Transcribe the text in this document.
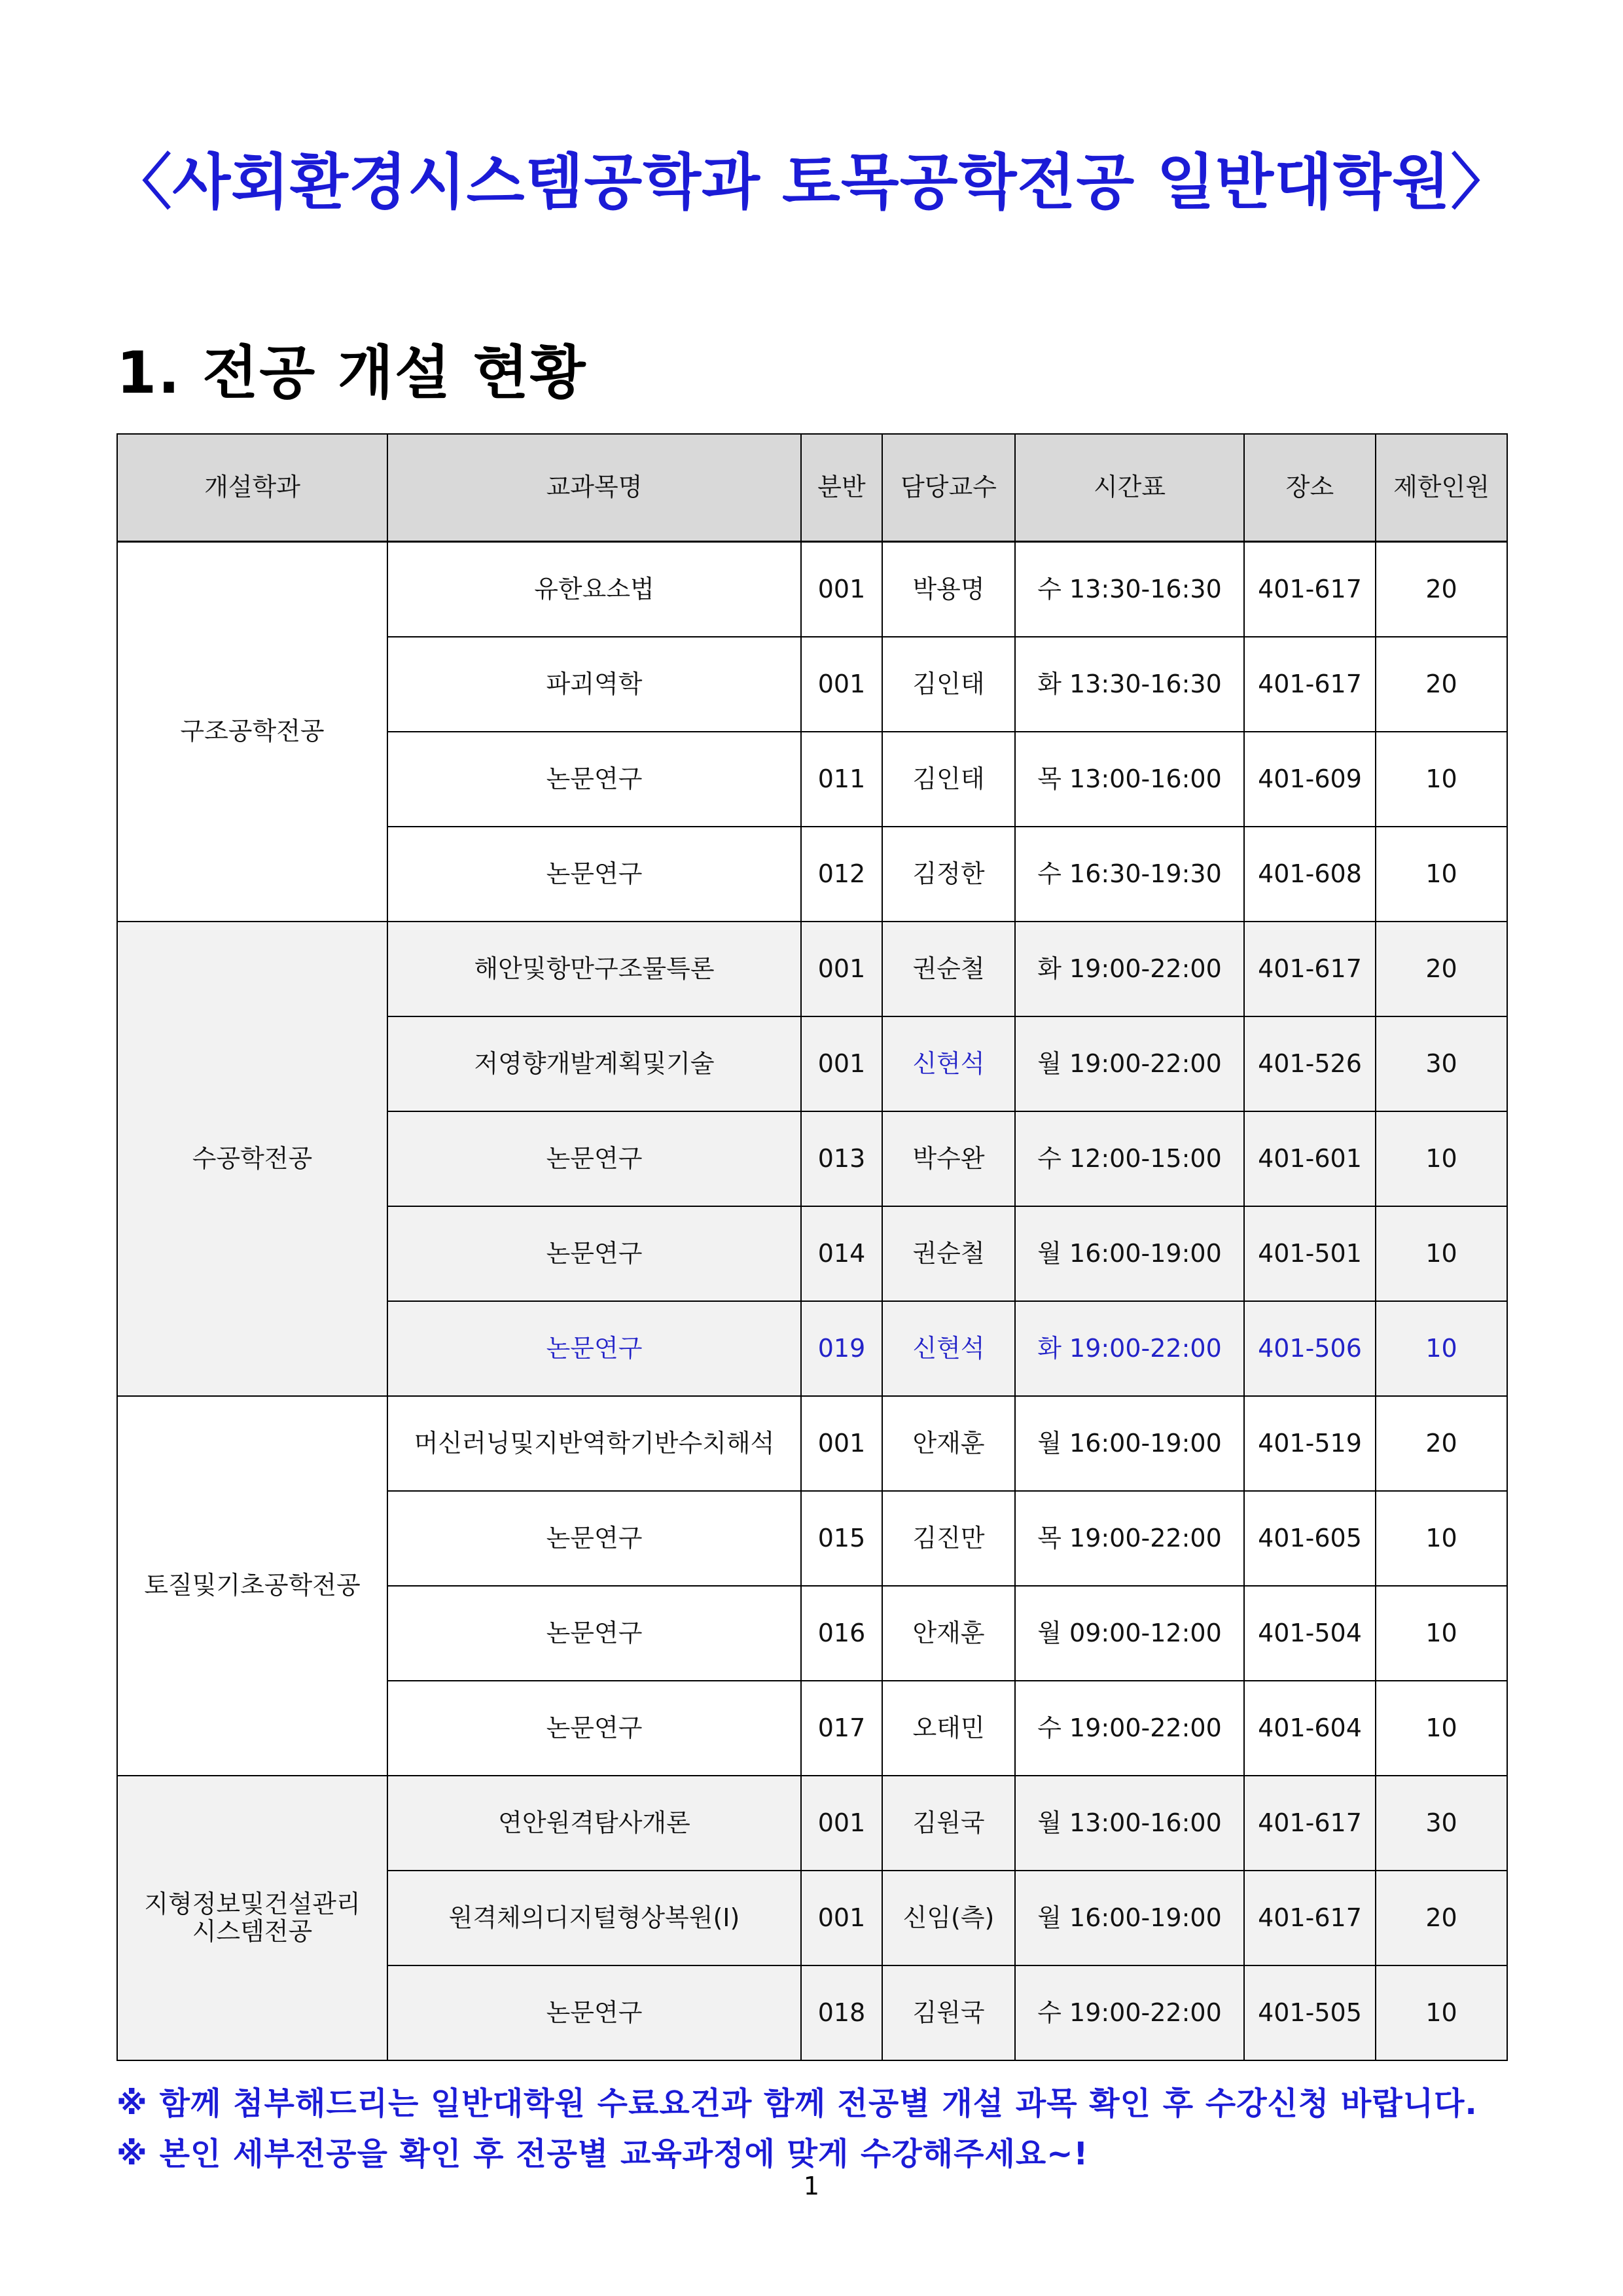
〈사회환경시스템공학과 토목공학전공 일반대학원〉
1. 전공 개설 현황
개설학과	교과목명	분반	담당교수	시간표	장소	제한인원
구조공학전공	유한요소법	001	박용명	수 13:30-16:30	401-617	20
	파괴역학	001	김인태	화 13:30-16:30	401-617	20
	논문연구	011	김인태	목 13:00-16:00	401-609	10
	논문연구	012	김정한	수 16:30-19:30	401-608	10
수공학전공	해안및항만구조물특론	001	권순철	화 19:00-22:00	401-617	20
	저영향개발계획및기술	001	신현석	월 19:00-22:00	401-526	30
	논문연구	013	박수완	수 12:00-15:00	401-601	10
	논문연구	014	권순철	월 16:00-19:00	401-501	10
	논문연구	019	신현석	화 19:00-22:00	401-506	10
토질및기초공학전공	머신러닝및지반역학기반수치해석	001	안재훈	월 16:00-19:00	401-519	20
	논문연구	015	김진만	목 19:00-22:00	401-605	10
	논문연구	016	안재훈	월 09:00-12:00	401-504	10
	논문연구	017	오태민	수 19:00-22:00	401-604	10

지형정보및건설관리
시스템전공	연안원격탐사개론	001	김원국	월 13:00-16:00	401-617	30
	원격체의디지털형상복원(I)	001	신임(측)	월 16:00-19:00	401-617	20
	논문연구	018	김원국	수 19:00-22:00	401-505	10
※ 함께 첨부해드리는 일반대학원 수료요건과 함께 전공별 개설 과목 확인 후 수강신청 바랍니다.
※ 본인 세부전공을 확인 후 전공별 교육과정에 맞게 수강해주세요~!
1
